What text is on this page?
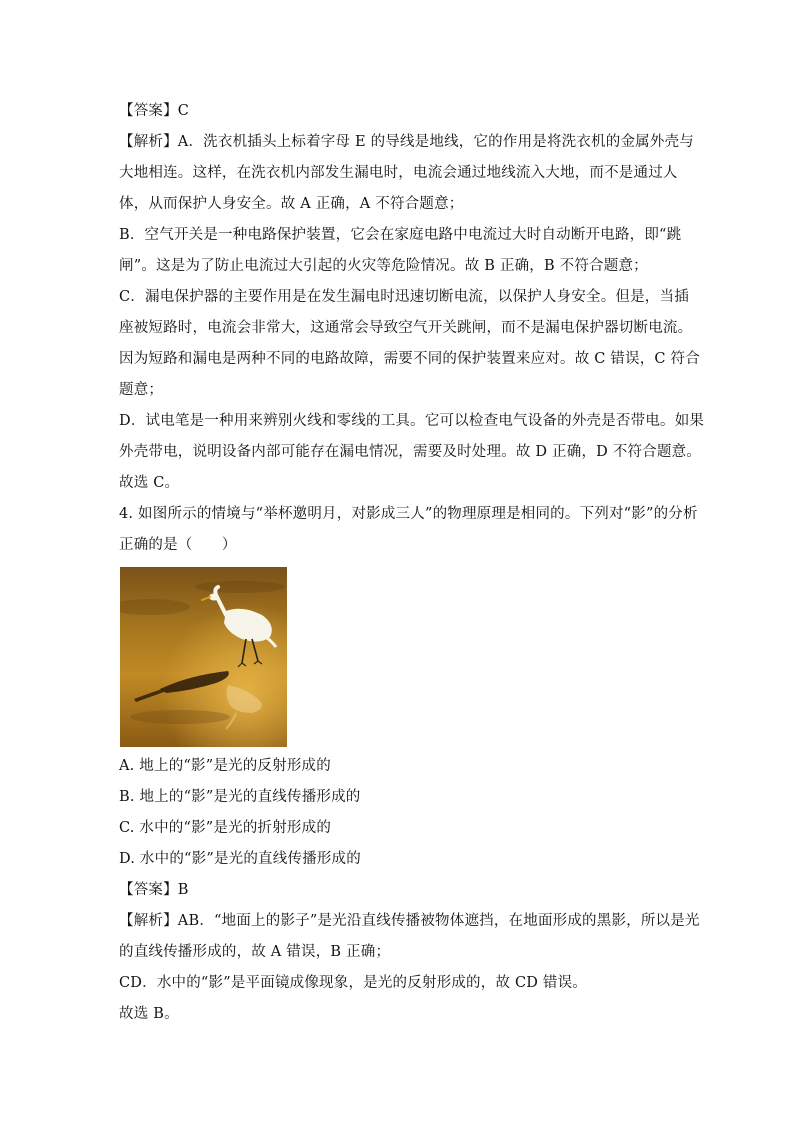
【答案】C
【解析】A．洗衣机插头上标着字母 E 的导线是地线，它的作用是将洗衣机的金属外壳与
大地相连。这样，在洗衣机内部发生漏电时，电流会通过地线流入大地，而不是通过人
体，从而保护人身安全。故 A 正确，A 不符合题意；
B．空气开关是一种电路保护装置，它会在家庭电路中电流过大时自动断开电路，即“跳
闸”。这是为了防止电流过大引起的火灾等危险情况。故 B 正确，B 不符合题意；
C．漏电保护器的主要作用是在发生漏电时迅速切断电流，以保护人身安全。但是，当插
座被短路时，电流会非常大，这通常会导致空气开关跳闸，而不是漏电保护器切断电流。
因为短路和漏电是两种不同的电路故障，需要不同的保护装置来应对。故 C 错误，C 符合
题意；
D．试电笔是一种用来辨别火线和零线的工具。它可以检查电气设备的外壳是否带电。如果
外壳带电，说明设备内部可能存在漏电情况，需要及时处理。故 D 正确，D 不符合题意。
故选 C。
4. 如图所示的情境与“举杯邀明月，对影成三人”的物理原理是相同的。下列对“影”的分析
正确的是（　　）
A. 地上的“影”是光的反射形成的
B. 地上的“影”是光的直线传播形成的
C. 水中的“影”是光的折射形成的
D. 水中的“影”是光的直线传播形成的
【答案】B
【解析】AB．“地面上的影子”是光沿直线传播被物体遮挡，在地面形成的黑影，所以是光
的直线传播形成的，故 A 错误，B 正确；
CD．水中的“影”是平面镜成像现象，是光的反射形成的，故 CD 错误。
故选 B。
